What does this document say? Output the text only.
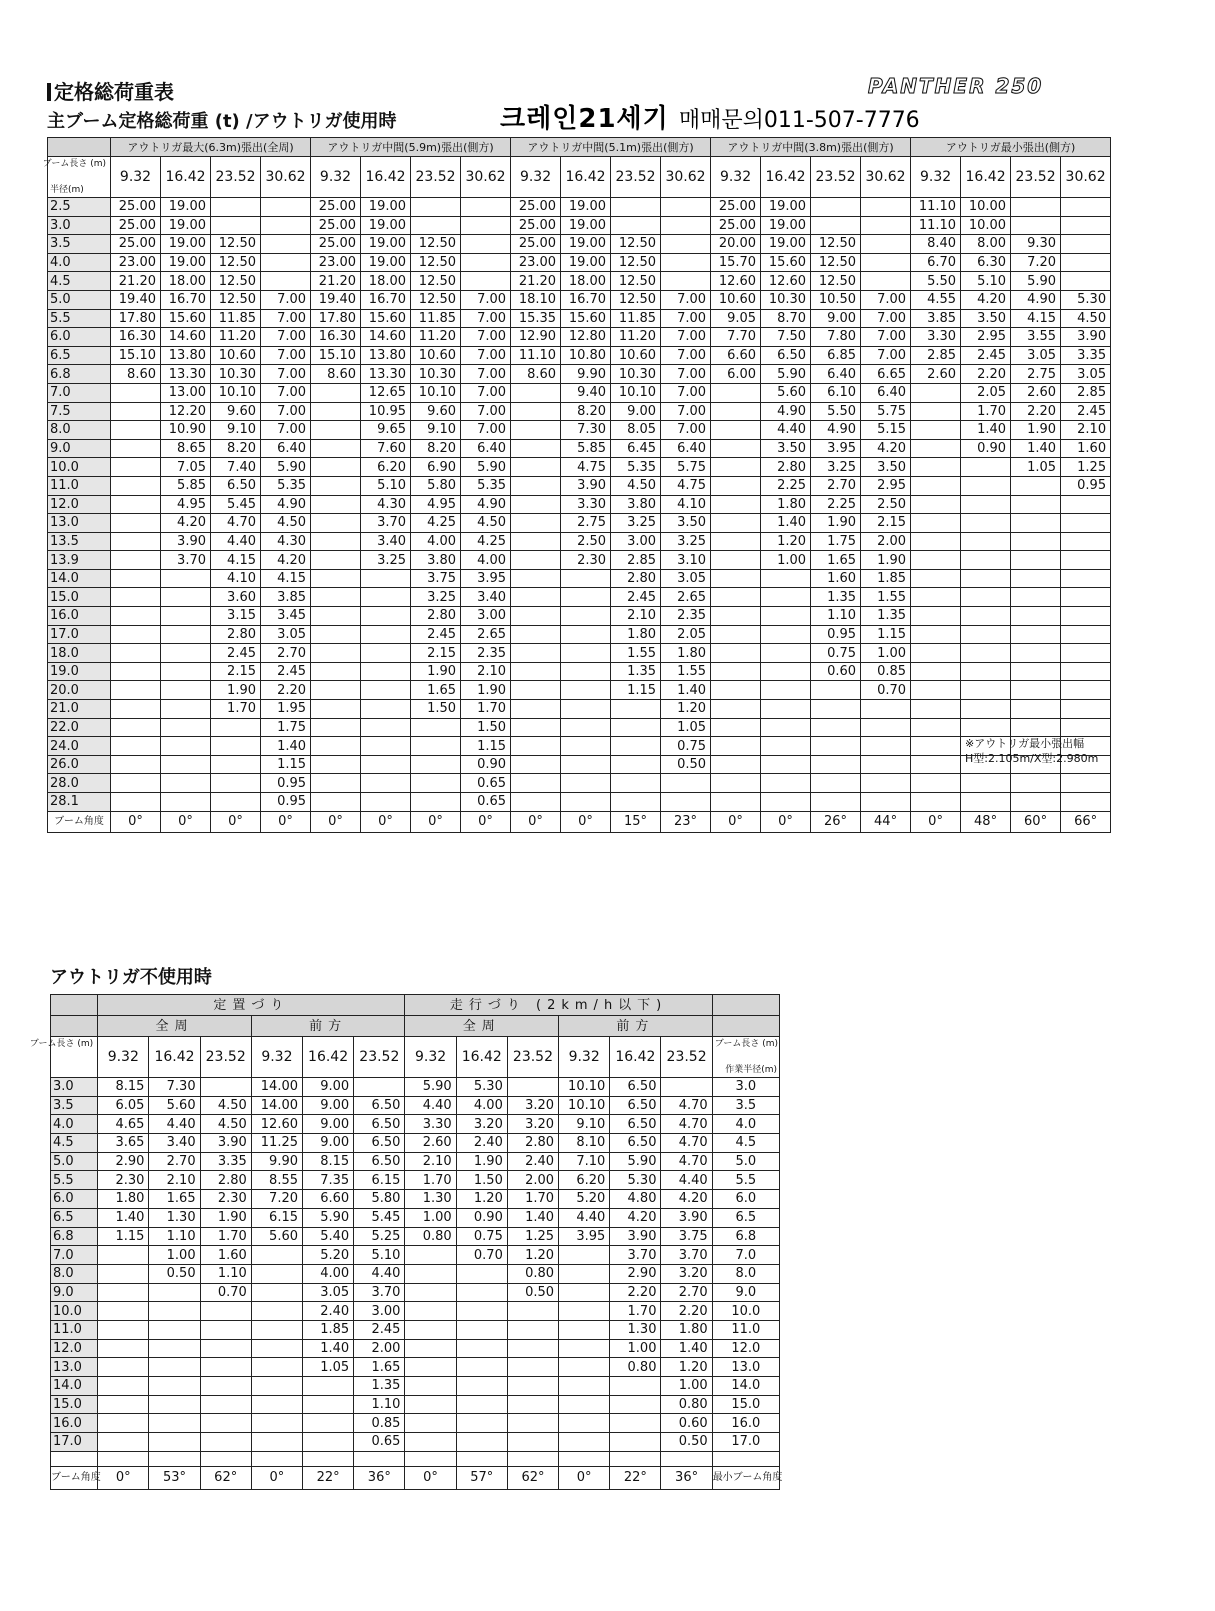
定格総荷重表	PANTHER 250
主ブーム定格総荷重 (t) /アウトリガ使用時	크레인21세기 매매문의011-507-7776
	アウトリガ最大(6.3m)張出(全周)				アウトリガ中間(5.9m)張出(側方)				アウトリガ中間(5.1m)張出(側方)				アウトリガ中間(3.8m)張出(側方)				アウトリガ最小張出(側方)			

ブーム長さ (m)
半径(m)	9.32	16.42	23.52	30.62	9.32	16.42	23.52	30.62	9.32	16.42	23.52	30.62	9.32	16.42	23.52	30.62	9.32	16.42	23.52	30.62
2.5	25.00	19.00			25.00	19.00			25.00	19.00			25.00	19.00			11.10	10.00		
3.0	25.00	19.00			25.00	19.00			25.00	19.00			25.00	19.00			11.10	10.00		
3.5	25.00	19.00	12.50		25.00	19.00	12.50		25.00	19.00	12.50		20.00	19.00	12.50		8.40	8.00	9.30	
4.0	23.00	19.00	12.50		23.00	19.00	12.50		23.00	19.00	12.50		15.70	15.60	12.50		6.70	6.30	7.20	
4.5	21.20	18.00	12.50		21.20	18.00	12.50		21.20	18.00	12.50		12.60	12.60	12.50		5.50	5.10	5.90	
5.0	19.40	16.70	12.50	7.00	19.40	16.70	12.50	7.00	18.10	16.70	12.50	7.00	10.60	10.30	10.50	7.00	4.55	4.20	4.90	5.30
5.5	17.80	15.60	11.85	7.00	17.80	15.60	11.85	7.00	15.35	15.60	11.85	7.00	9.05	8.70	9.00	7.00	3.85	3.50	4.15	4.50
6.0	16.30	14.60	11.20	7.00	16.30	14.60	11.20	7.00	12.90	12.80	11.20	7.00	7.70	7.50	7.80	7.00	3.30	2.95	3.55	3.90
6.5	15.10	13.80	10.60	7.00	15.10	13.80	10.60	7.00	11.10	10.80	10.60	7.00	6.60	6.50	6.85	7.00	2.85	2.45	3.05	3.35
6.8	8.60	13.30	10.30	7.00	8.60	13.30	10.30	7.00	8.60	9.90	10.30	7.00	6.00	5.90	6.40	6.65	2.60	2.20	2.75	3.05
7.0		13.00	10.10	7.00		12.65	10.10	7.00		9.40	10.10	7.00		5.60	6.10	6.40		2.05	2.60	2.85
7.5		12.20	9.60	7.00		10.95	9.60	7.00		8.20	9.00	7.00		4.90	5.50	5.75		1.70	2.20	2.45
8.0		10.90	9.10	7.00		9.65	9.10	7.00		7.30	8.05	7.00		4.40	4.90	5.15		1.40	1.90	2.10
9.0		8.65	8.20	6.40		7.60	8.20	6.40		5.85	6.45	6.40		3.50	3.95	4.20		0.90	1.40	1.60
10.0		7.05	7.40	5.90		6.20	6.90	5.90		4.75	5.35	5.75		2.80	3.25	3.50			1.05	1.25
11.0		5.85	6.50	5.35		5.10	5.80	5.35		3.90	4.50	4.75		2.25	2.70	2.95				0.95
12.0		4.95	5.45	4.90		4.30	4.95	4.90		3.30	3.80	4.10		1.80	2.25	2.50				
13.0		4.20	4.70	4.50		3.70	4.25	4.50		2.75	3.25	3.50		1.40	1.90	2.15				
13.5		3.90	4.40	4.30		3.40	4.00	4.25		2.50	3.00	3.25		1.20	1.75	2.00				
13.9		3.70	4.15	4.20		3.25	3.80	4.00		2.30	2.85	3.10		1.00	1.65	1.90				
14.0			4.10	4.15			3.75	3.95			2.80	3.05			1.60	1.85				
15.0			3.60	3.85			3.25	3.40			2.45	2.65			1.35	1.55				
16.0			3.15	3.45			2.80	3.00			2.10	2.35			1.10	1.35				
17.0			2.80	3.05			2.45	2.65			1.80	2.05			0.95	1.15				
18.0			2.45	2.70			2.15	2.35			1.55	1.80			0.75	1.00				
19.0			2.15	2.45			1.90	2.10			1.35	1.55			0.60	0.85				
20.0			1.90	2.20			1.65	1.90			1.15	1.40				0.70				
21.0			1.70	1.95			1.50	1.70				1.20								
22.0				1.75				1.50				1.05								
24.0				1.40				1.15				0.75								
26.0				1.15				0.90				0.50								
28.0				0.95				0.65												
28.1				0.95				0.65												
ブーム角度	0°	0°	0°	0°	0°	0°	0°	0°	0°	0°	15°	23°	0°	0°	26°	44°	0°	48°	60°	66°
※アウトリガ最小張出幅
H型:2.105m/X型:2.980m
アウトリガ不使用時
	定置づり						走行づり (2km/h以下)						
	全周			前方			全周			前方			

ブーム長さ (m)	9.32	16.42	23.52	9.32	16.42	23.52	9.32	16.42	23.52	9.32	16.42	23.52	ブーム長さ (m)
作業半径(m)

3.0	8.15	7.30		14.00	9.00		5.90	5.30		10.10	6.50		3.0
3.5	6.05	5.60	4.50	14.00	9.00	6.50	4.40	4.00	3.20	10.10	6.50	4.70	3.5
4.0	4.65	4.40	4.50	12.60	9.00	6.50	3.30	3.20	3.20	9.10	6.50	4.70	4.0
4.5	3.65	3.40	3.90	11.25	9.00	6.50	2.60	2.40	2.80	8.10	6.50	4.70	4.5
5.0	2.90	2.70	3.35	9.90	8.15	6.50	2.10	1.90	2.40	7.10	5.90	4.70	5.0
5.5	2.30	2.10	2.80	8.55	7.35	6.15	1.70	1.50	2.00	6.20	5.30	4.40	5.5
6.0	1.80	1.65	2.30	7.20	6.60	5.80	1.30	1.20	1.70	5.20	4.80	4.20	6.0
6.5	1.40	1.30	1.90	6.15	5.90	5.45	1.00	0.90	1.40	4.40	4.20	3.90	6.5
6.8	1.15	1.10	1.70	5.60	5.40	5.25	0.80	0.75	1.25	3.95	3.90	3.75	6.8
7.0		1.00	1.60		5.20	5.10		0.70	1.20		3.70	3.70	7.0
8.0		0.50	1.10		4.00	4.40			0.80		2.90	3.20	8.0
9.0			0.70		3.05	3.70			0.50		2.20	2.70	9.0
10.0					2.40	3.00					1.70	2.20	10.0
11.0					1.85	2.45					1.30	1.80	11.0
12.0					1.40	2.00					1.00	1.40	12.0
13.0					1.05	1.65					0.80	1.20	13.0
14.0						1.35						1.00	14.0
15.0						1.10						0.80	15.0
16.0						0.85						0.60	16.0
17.0						0.65						0.50	17.0

ブーム角度	0°	53°	62°	0°	22°	36°	0°	57°	62°	0°	22°	36°	最小ブーム角度
